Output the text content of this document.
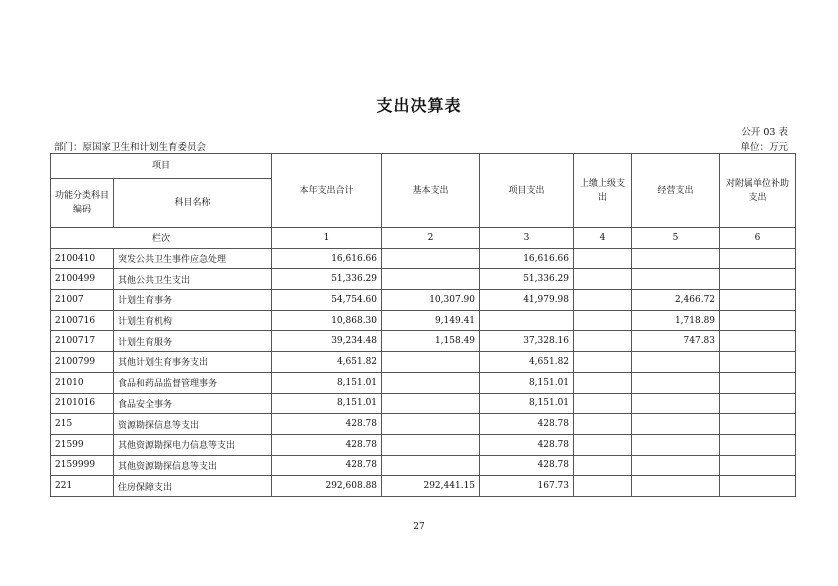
支出决算表
公开 03 表
部门：原国家卫生和计划生育委员会	单位：万元
项目		本年支出合计	基本支出	项目支出	上缴上级支出	经营支出	对附属单位补助支出
功能分类科目编码	科目名称						
栏次		1	2	3	4	5	6
2100410	突发公共卫生事件应急处理	16,616.66		16,616.66			
2100499	其他公共卫生支出	51,336.29		51,336.29			
21007	计划生育事务	54,754.60	10,307.90	41,979.98		2,466.72	
2100716	计划生育机构	10,868.30	9,149.41			1,718.89	
2100717	计划生育服务	39,234.48	1,158.49	37,328.16		747.83	
2100799	其他计划生育事务支出	4,651.82		4,651.82			
21010	食品和药品监督管理事务	8,151.01		8,151.01			
2101016	食品安全事务	8,151.01		8,151.01			
215	资源勘探信息等支出	428.78		428.78			
21599	其他资源勘探电力信息等支出	428.78		428.78			
2159999	其他资源勘探信息等支出	428.78		428.78			
221	住房保障支出	292,608.88	292,441.15	167.73			
27
